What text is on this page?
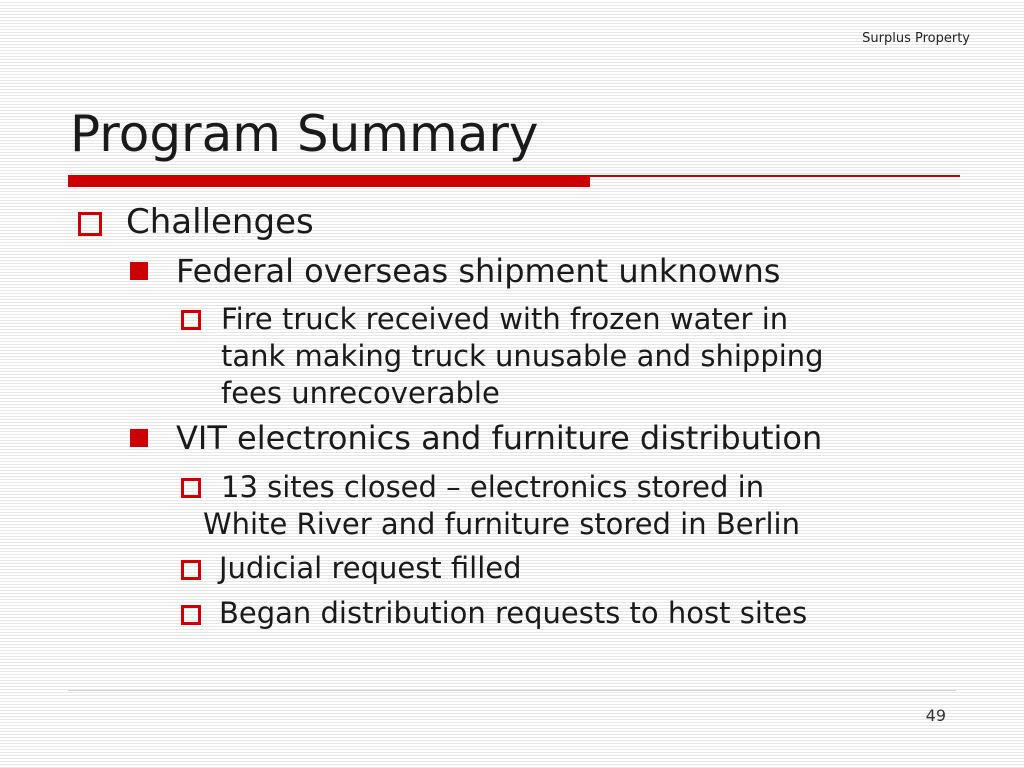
Surplus Property
Program Summary
Challenges
Federal overseas shipment unknowns
Fire truck received with frozen water in
tank making truck unusable and shipping
fees unrecoverable
VIT electronics and furniture distribution
13 sites closed – electronics stored in
White River and furniture stored in Berlin
Judicial request filled
Began distribution requests to host sites
49
